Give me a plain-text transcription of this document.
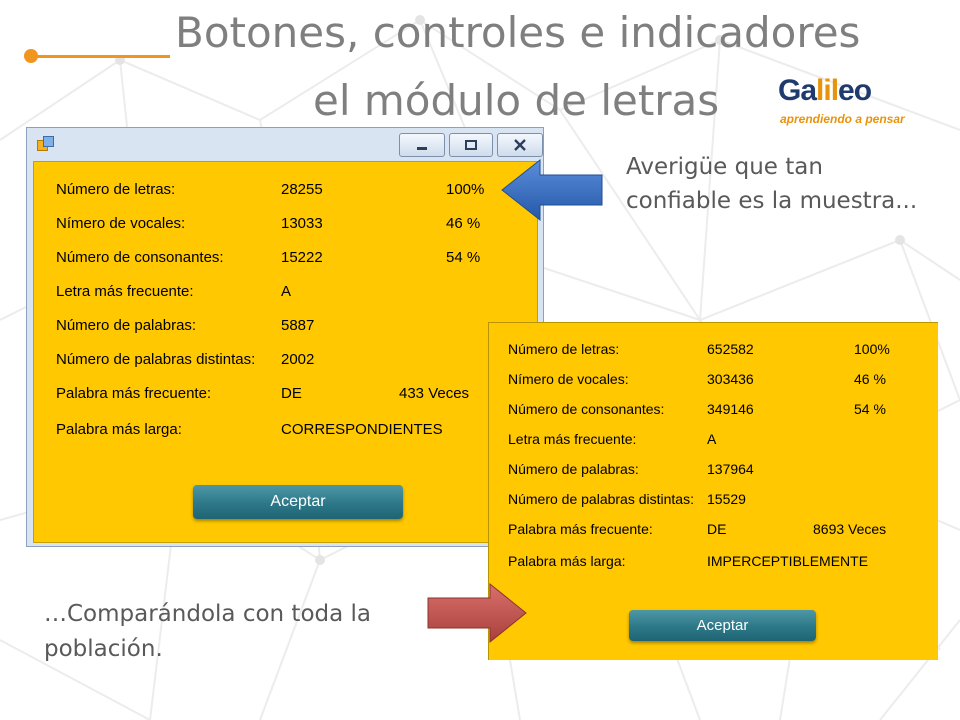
Botones, controles e indicadores
el módulo de letras Galileo
aprendiendo a pensar
Número de letras:	28255	100%
Nímero de vocales:	13033	46 %
Número de consonantes:	15222	54 %
Letra más frecuente:	A
Número de palabras:	5887
Número de palabras distintas: 2002
Palabra más frecuente:	DE	433 Veces
Palabra más larga:	CORRESPONDIENTES
Aceptar
Averigüe que tan confiable es la muestra...
Número de letras:	652582	100%
Nímero de vocales:	303436	46 %
Número de consonantes:	349146	54 %
Letra más frecuente:	A
Número de palabras:	137964
Número de palabras distintas: 15529
Palabra más frecuente:	DE	8693 Veces
Palabra más larga:	IMPERCEPTIBLEMENTE
Aceptar
…Comparándola con toda la población.
